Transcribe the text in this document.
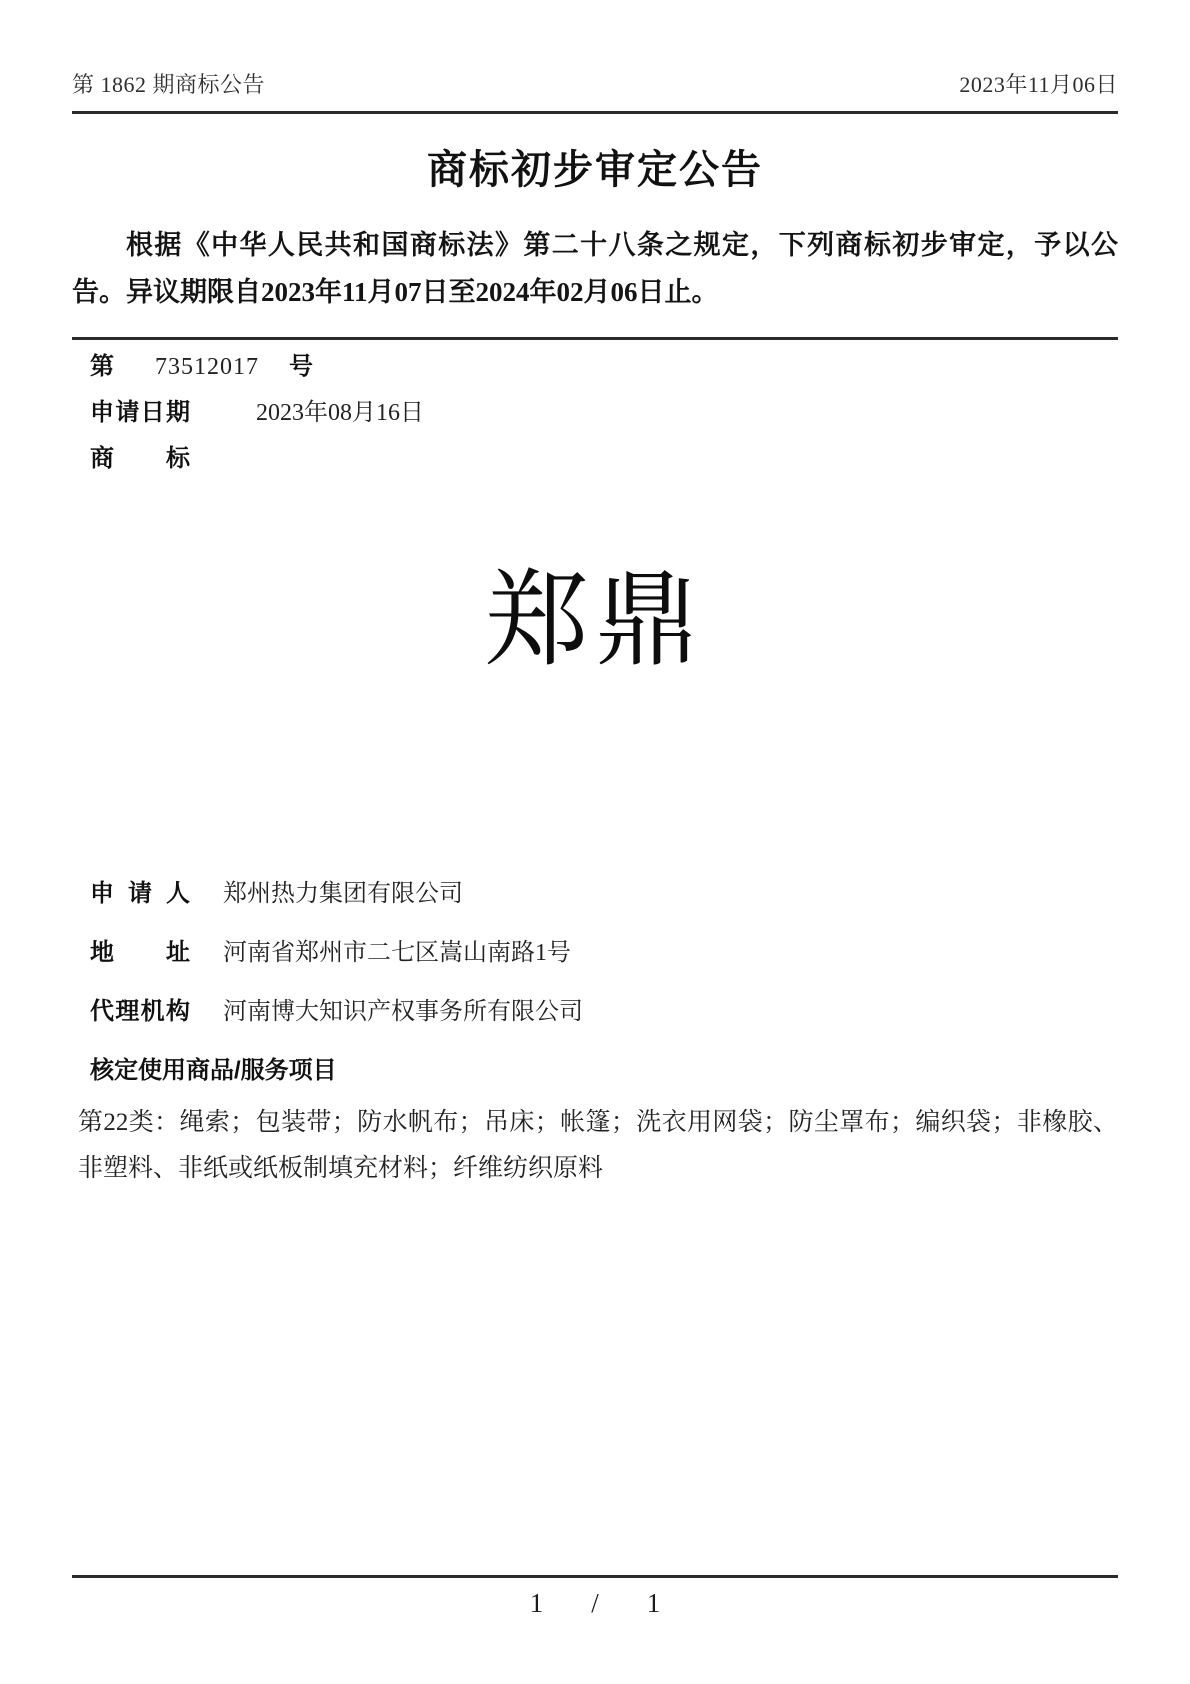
第 1862 期商标公告	2023年11月06日
商标初步审定公告

根据《中华人民共和国商标法》第二十八条之规定，下列商标初步审定，予以公告。异议期限自2023年11月07日至2024年02月06日止。

第 73512017 号
申请日期	2023年08月16日
商标
郑鼎
申请人 郑州热力集团有限公司
地址 河南省郑州市二七区嵩山南路1号
代理机构 河南博大知识产权事务所有限公司
核定使用商品/服务项目

第22类：绳索；包装带；防水帆布；吊床；帐篷；洗衣用网袋；防尘罩布；编织袋；非橡胶、非塑料、非纸或纸板制填充材料；纤维纺织原料

1 / 1
